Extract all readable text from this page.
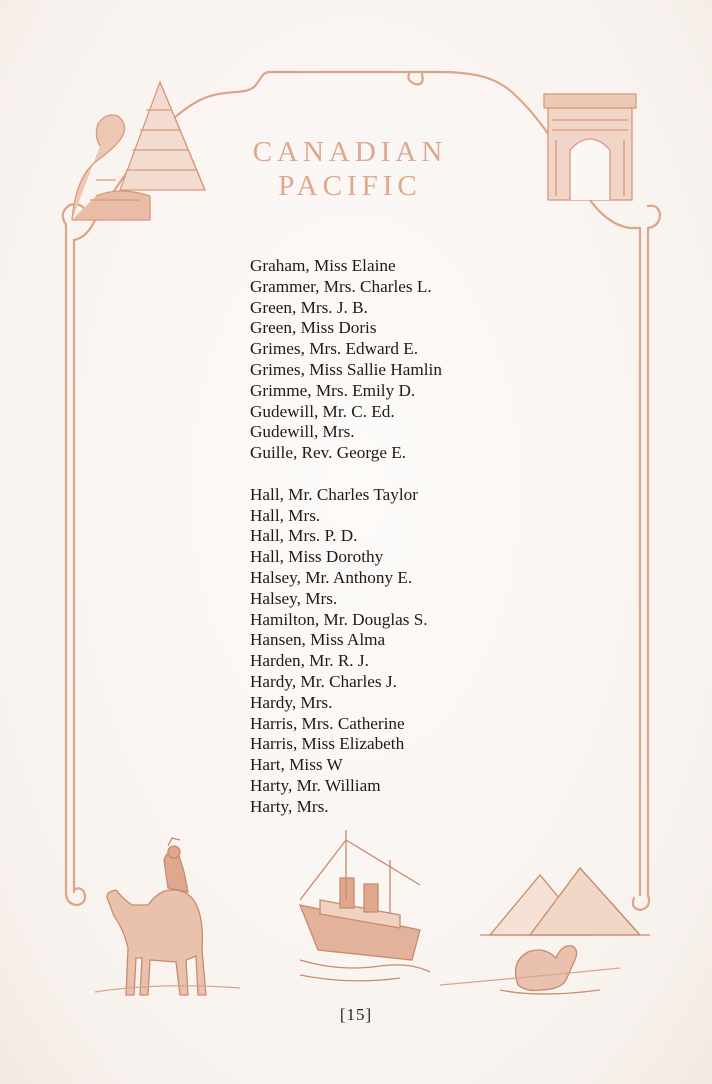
CANADIAN
PACIFIC
Graham, Miss Elaine
Grammer, Mrs. Charles L.
Green, Mrs. J. B.
Green, Miss Doris
Grimes, Mrs. Edward E.
Grimes, Miss Sallie Hamlin
Grimme, Mrs. Emily D.
Gudewill, Mr. C. Ed.
Gudewill, Mrs.
Guille, Rev. George E.
Hall, Mr. Charles Taylor
Hall, Mrs.
Hall, Mrs. P. D.
Hall, Miss Dorothy
Halsey, Mr. Anthony E.
Halsey, Mrs.
Hamilton, Mr. Douglas S.
Hansen, Miss Alma
Harden, Mr. R. J.
Hardy, Mr. Charles J.
Hardy, Mrs.
Harris, Mrs. Catherine
Harris, Miss Elizabeth
Hart, Miss W
Harty, Mr. William
Harty, Mrs.
[15]
